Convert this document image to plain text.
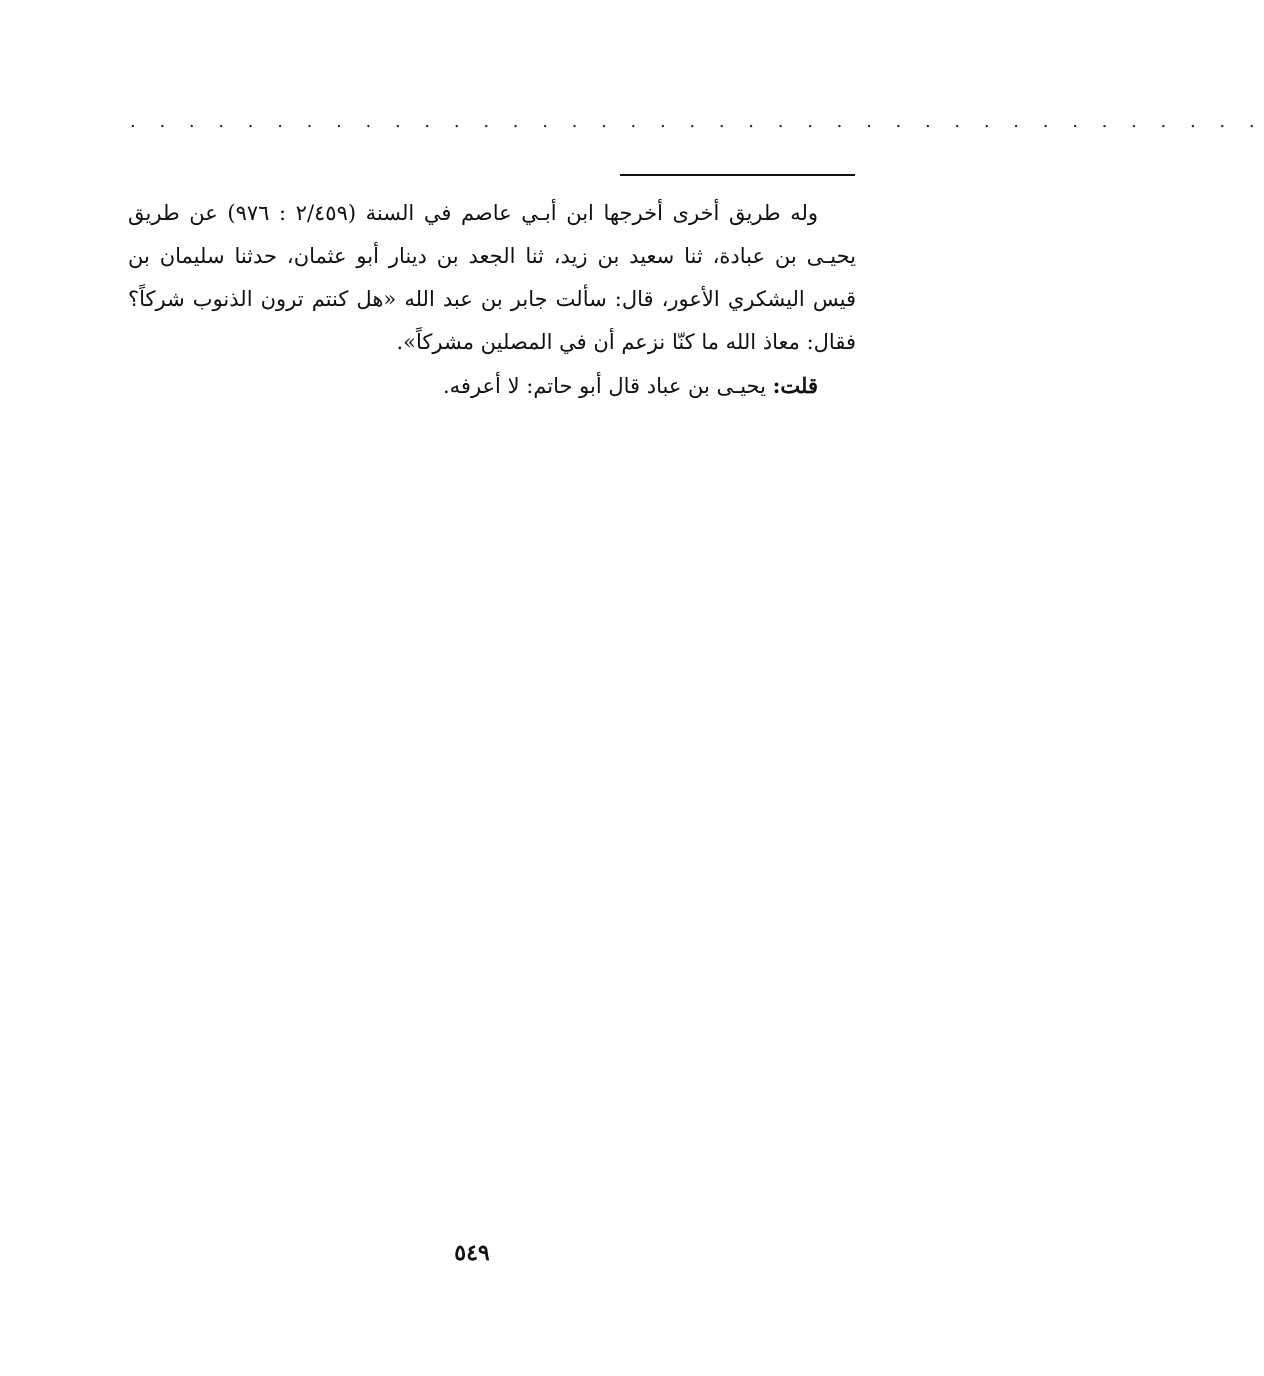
. . . . . . . . . . . . . . . . . . . . . . . . . . . . . . . . . . . . . . .

وله طريق أخرى أخرجها ابن أبـي عاصم في السنة (٢/٤٥٩ : ٩٧٦) عن طريق يحيـى بن عبادة، ثنا سعيد بن زيد، ثنا الجعد بن دينار أبو عثمان، حدثنا سليمان بن قيس اليشكري الأعور، قال: سألت جابر بن عبد الله «هل كنتم ترون الذنوب شركاً؟ فقال: معاذ الله ما كنّا نزعم أن في المصلين مشركاً».

قلت: يحيـى بن عباد قال أبو حاتم: لا أعرفه.

٥٤٩
